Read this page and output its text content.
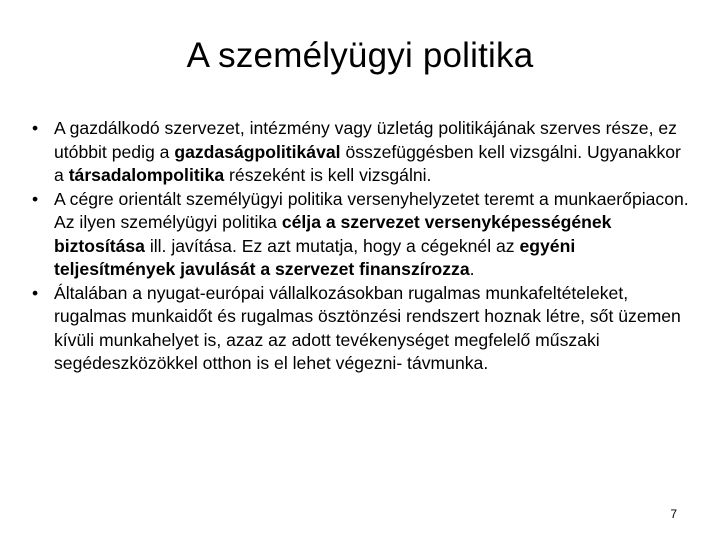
A személyügyi politika
• A gazdálkodó szervezet, intézmény vagy üzletág politikájának szerves része, ez utóbbit pedig a gazdaságpolitikával összefüggésben kell vizsgálni. Ugyanakkor a társadalompolitika részeként is kell vizsgálni.
• A cégre orientált személyügyi politika versenyhelyzetet teremt a munkaerőpiacon. Az ilyen személyügyi politika célja a szervezet versenyképességének biztosítása ill. javítása. Ez azt mutatja, hogy a cégeknél az egyéni teljesítmények javulását a szervezet finanszírozza.
• Általában a nyugat-európai vállalkozásokban rugalmas munkafeltételeket, rugalmas munkaidőt és rugalmas ösztönzési rendszert hoznak létre, sőt üzemen kívüli munkahelyet is, azaz az adott tevékenységet megfelelő műszaki segédeszközökkel otthon is el lehet végezni- távmunka.
7
